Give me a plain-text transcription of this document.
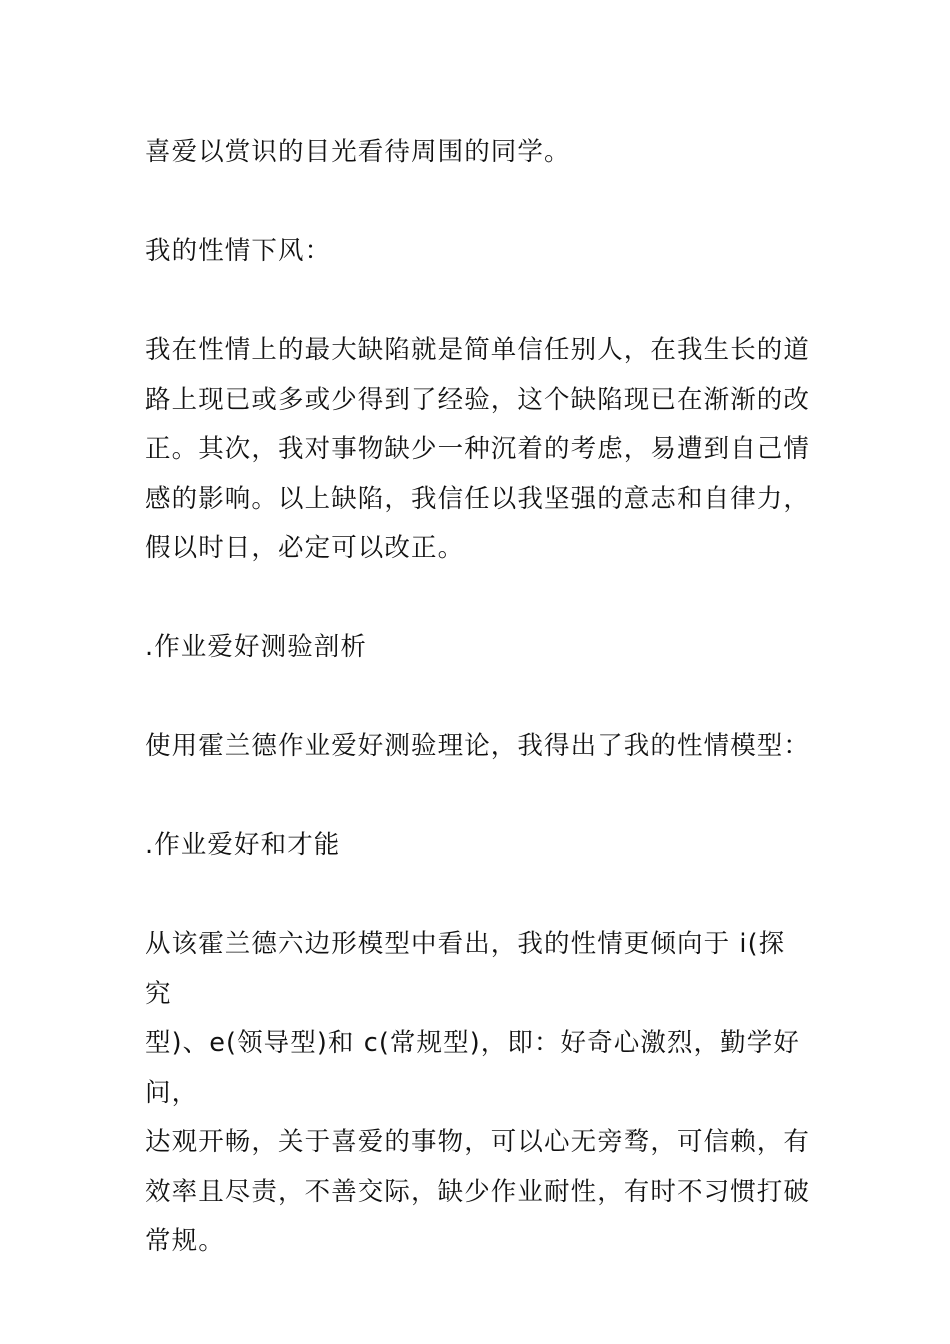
喜爱以赏识的目光看待周围的同学。

我的性情下风：

我在性情上的最大缺陷就是简单信任别人，在我生长的道
路上现已或多或少得到了经验，这个缺陷现已在渐渐的改
正。其次，我对事物缺少一种沉着的考虑，易遭到自己情
感的影响。以上缺陷，我信任以我坚强的意志和自律力，
假以时日，必定可以改正。

.作业爱好测验剖析

使用霍兰德作业爱好测验理论，我得出了我的性情模型：

.作业爱好和才能

从该霍兰德六边形模型中看出，我的性情更倾向于 i(探究
型)、e(领导型)和 c(常规型)，即：好奇心激烈，勤学好问，
达观开畅，关于喜爱的事物，可以心无旁骛，可信赖，有
效率且尽责，不善交际，缺少作业耐性，有时不习惯打破
常规。
